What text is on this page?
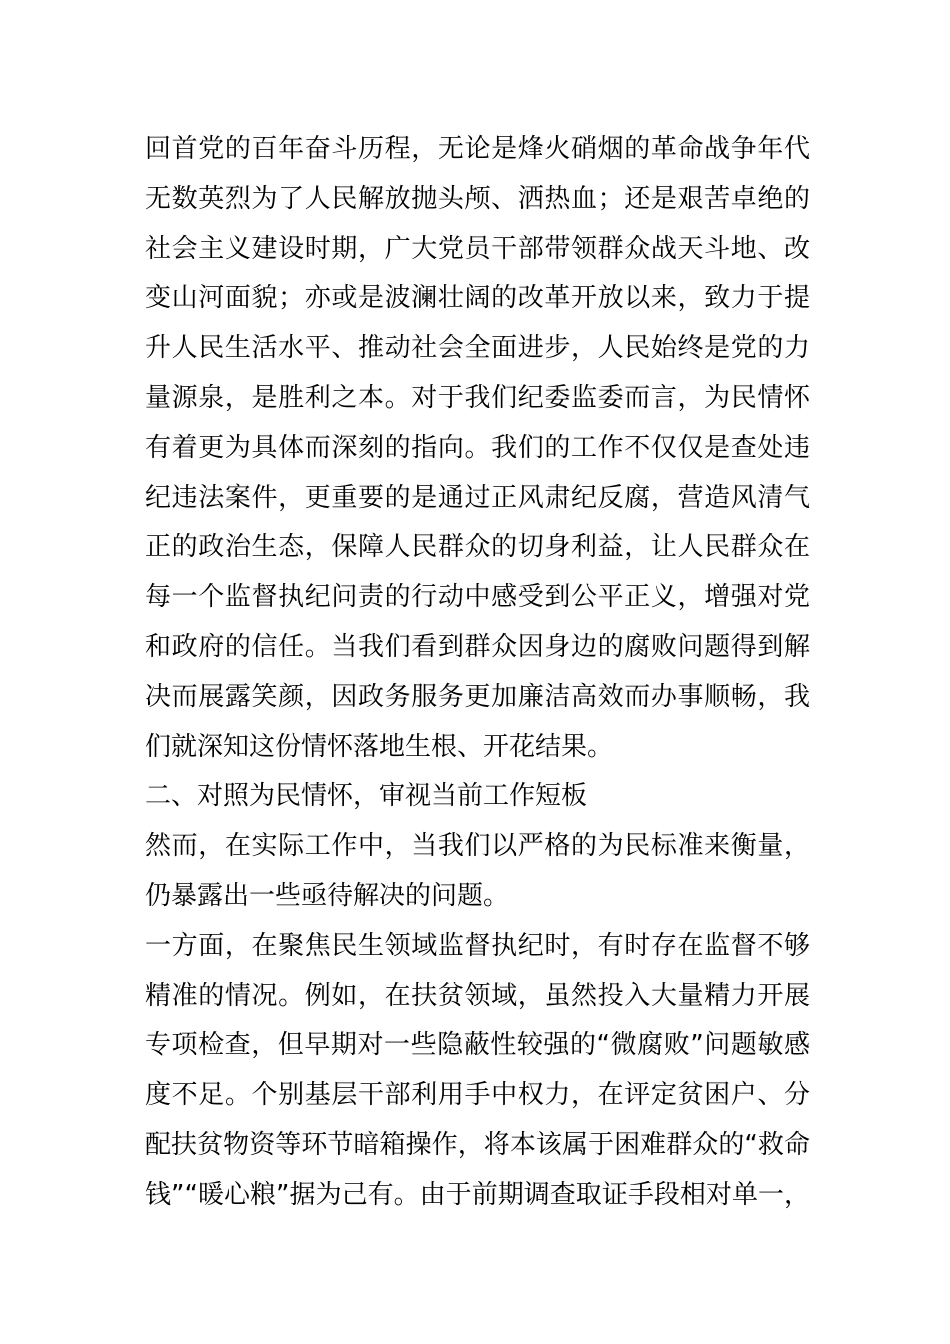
回首党的百年奋斗历程，无论是烽火硝烟的革命战争年代
无数英烈为了人民解放抛头颅、洒热血；还是艰苦卓绝的
社会主义建设时期，广大党员干部带领群众战天斗地、改
变山河面貌；亦或是波澜壮阔的改革开放以来，致力于提
升人民生活水平、推动社会全面进步，人民始终是党的力
量源泉，是胜利之本。对于我们纪委监委而言，为民情怀
有着更为具体而深刻的指向。我们的工作不仅仅是查处违
纪违法案件，更重要的是通过正风肃纪反腐，营造风清气
正的政治生态，保障人民群众的切身利益，让人民群众在
每一个监督执纪问责的行动中感受到公平正义，增强对党
和政府的信任。当我们看到群众因身边的腐败问题得到解
决而展露笑颜，因政务服务更加廉洁高效而办事顺畅，我
们就深知这份情怀落地生根、开花结果。
二、对照为民情怀，审视当前工作短板
然而，在实际工作中，当我们以严格的为民标准来衡量，
仍暴露出一些亟待解决的问题。
一方面，在聚焦民生领域监督执纪时，有时存在监督不够
精准的情况。例如，在扶贫领域，虽然投入大量精力开展
专项检查，但早期对一些隐蔽性较强的“微腐败”问题敏感
度不足。个别基层干部利用手中权力，在评定贫困户、分
配扶贫物资等环节暗箱操作，将本该属于困难群众的“救命
钱”“暖心粮”据为己有。由于前期调查取证手段相对单一，
